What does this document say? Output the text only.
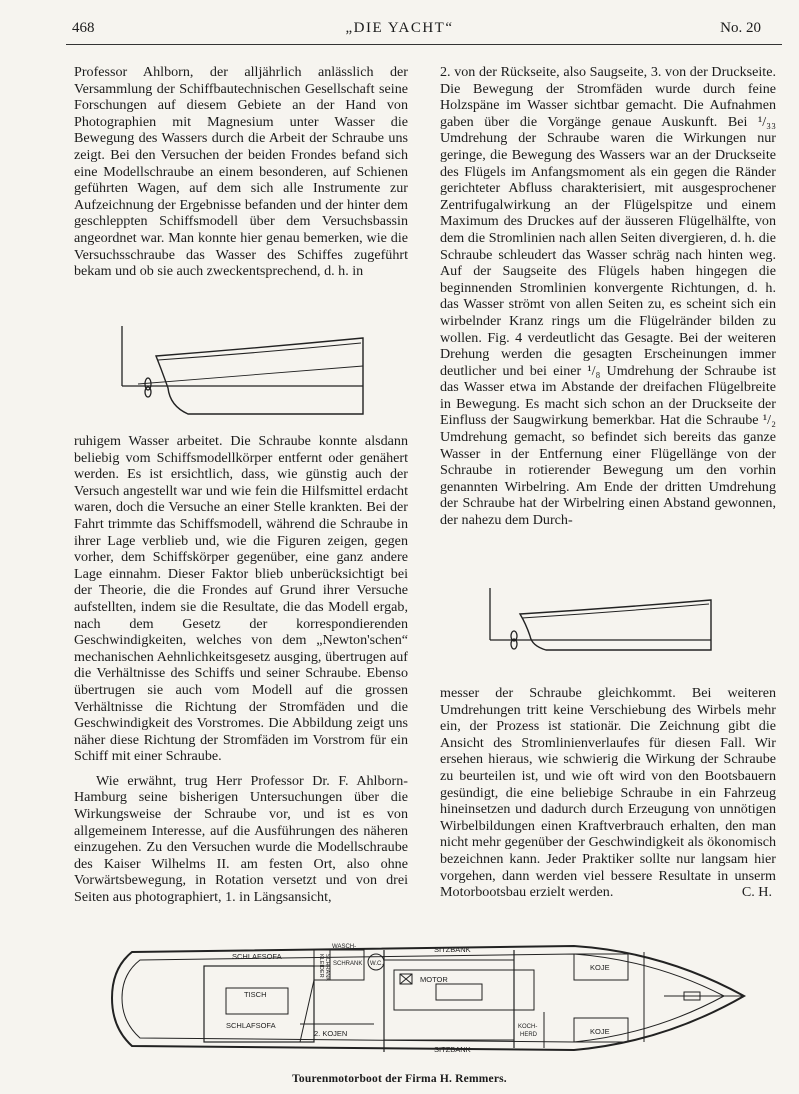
468	„DIE YACHT“	No. 20

Professor Ahlborn, der alljährlich anlässlich der Versammlung der Schiffbautechnischen Gesellschaft seine Forschungen auf diesem Gebiete an der Hand von Photographien mit Magnesium unter Wasser die Bewegung des Wassers durch die Arbeit der Schraube uns zeigt. Bei den Versuchen der beiden Frondes befand sich eine Modellschraube an einem besonderen, auf Schienen geführten Wagen, auf dem sich alle Instrumente zur Aufzeichnung der Ergebnisse befanden und der hinter dem geschleppten Schiffsmodell über dem Versuchsbassin angeordnet war. Man konnte hier genau bemerken, wie die Versuchsschraube das Wasser des Schiffes zugeführt bekam und ob sie auch zweckentsprechend, d. h. in

ruhigem Wasser arbeitet. Die Schraube konnte alsdann beliebig vom Schiffsmodellkörper entfernt oder genähert werden. Es ist ersichtlich, dass, wie günstig auch der Versuch angestellt war und wie fein die Hilfsmittel erdacht waren, doch die Versuche an einer Stelle krankten. Bei der Fahrt trimmte das Schiffsmodell, während die Schraube in ihrer Lage verblieb und, wie die Figuren zeigen, gegen vorher, dem Schiffskörper gegenüber, eine ganz andere Lage einnahm. Dieser Faktor blieb unberücksichtigt bei der Theorie, die die Frondes auf Grund ihrer Versuche aufstellten, indem sie die Resultate, die das Modell ergab, nach dem Gesetz der korrespondierenden Geschwindigkeiten, welches von dem „Newton'schen“ mechanischen Aehnlichkeitsgesetz ausging, übertrugen auf die Verhältnisse des Schiffs und seiner Schraube. Ebenso übertrugen sie auch vom Modell auf die grossen Verhältnisse die Richtung der Stromfäden und die Geschwindigkeit des Vorstromes. Die Abbildung zeigt uns näher diese Richtung der Stromfäden im Vorstrom für ein Schiff mit einer Schraube.

Wie erwähnt, trug Herr Professor Dr. F. Ahlborn-Hamburg seine bisherigen Untersuchungen über die Wirkungsweise der Schraube vor, und ist es von allgemeinem Interesse, auf die Ausführungen des näheren einzugehen. Zu den Versuchen wurde die Modellschraube des Kaiser Wilhelms II. am festen Ort, also ohne Vorwärtsbewegung, in Rotation versetzt und von drei Seiten aus photographiert, 1. in Längsansicht,

2. von der Rückseite, also Saugseite, 3. von der Druckseite. Die Bewegung der Stromfäden wurde durch feine Holzspäne im Wasser sichtbar gemacht. Die Aufnahmen gaben über die Vorgänge genaue Auskunft. Bei ¹/₃₃ Umdrehung der Schraube waren die Wirkungen nur geringe, die Bewegung des Wassers war an der Druckseite des Flügels im Anfangsmoment als ein gegen die Ränder gerichteter Abfluss charakterisiert, mit ausgesprochener Zentrifugalwirkung an der Flügelspitze und einem Maximum des Druckes auf der äusseren Flügelhälfte, von dem die Stromlinien nach allen Seiten divergieren, d. h. die Schraube schleudert das Wasser schräg nach hinten weg. Auf der Saugseite des Flügels haben hingegen die beginnenden Stromlinien konvergente Richtungen, d. h. das Wasser strömt von allen Seiten zu, es scheint sich ein wirbelnder Kranz rings um die Flügelränder bilden zu wollen. Fig. 4 verdeutlicht das Gesagte. Bei der weiteren Drehung werden die gesagten Erscheinungen immer deutlicher und bei einer ¹/₈ Umdrehung der Schraube ist das Wasser etwa im Abstande der dreifachen Flügelbreite in Bewegung. Es macht sich schon an der Druckseite der Einfluss der Saugwirkung bemerkbar. Hat die Schraube ¹/₂ Umdrehung gemacht, so befindet sich bereits das ganze Wasser in der Entfernung einer Flügellänge von der Schraube in rotierender Bewegung um den vorhin genannten Wirbelring. Am Ende der dritten Umdrehung der Schraube hat der Wirbelring einen Abstand gewonnen, der nahezu dem Durch-

messer der Schraube gleichkommt. Bei weiteren Umdrehungen tritt keine Verschiebung des Wirbels mehr ein, der Prozess ist stationär. Die Zeichnung gibt die Ansicht des Stromlinienverlaufes für diesen Fall. Wir ersehen hieraus, wie schwierig die Wirkung der Schraube zu beurteilen ist, und wie oft wird von den Bootsbauern gesündigt, die eine beliebige Schraube in ein Fahrzeug hineinsetzen und dadurch durch Erzeugung von unnötigen Wirbelbildungen einen Kraftverbrauch erhalten, den man nicht mehr gegenüber der Geschwindigkeit als ökonomisch bezeichnen kann. Jeder Praktiker sollte nur langsam hier vorgehen, dann werden viel bessere Resultate in unserm Motorbootsbau erzielt werden.	C. H.
SCHLAFSOFA
TISCH
SCHLAFSOFA
WASCH-
SCHRANK W.C.
SITZBANK
KOJE
MOTOR
2. KOJEN
SITZBANK
KOCH-
HERD	KOJE
KLEIDER SCHRANK
Tourenmotorboot der Firma H. Remmers.
